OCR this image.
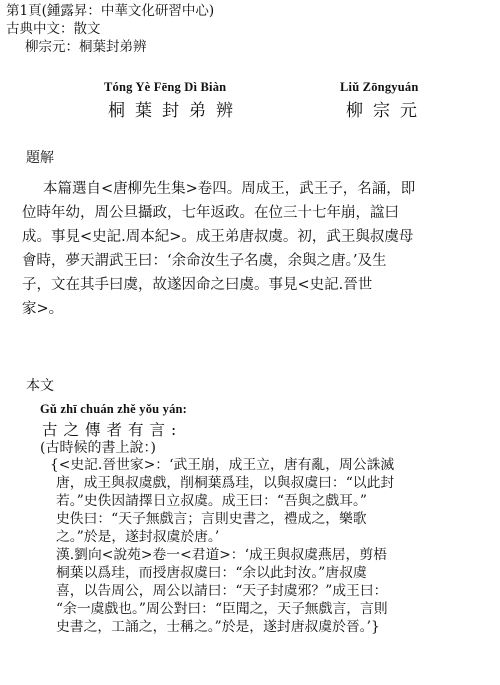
第1頁(鍾露昇：中華文化研習中心)
古典中文：散文
柳宗元：桐葉封弟辨
Tóng Yè Fēng Dì Biàn
桐葉封弟辨
Liǔ Zōngyuán
柳宗元
題解
本篇選自<唐柳先生集>卷四。周成王，武王子，名誦，即
位時年幼，周公旦攝政，七年返政。在位三十七年崩，諡曰
成。事見<史記.周本紀>。成王弟唐叔虞。初，武王與叔虞母
會時，夢天謂武王曰：‘余命汝生子名虞，余與之唐。’及生
子，文在其手曰虞，故遂因命之曰虞。事見<史記.晉世
家>。
本文
Gǔ zhī chuán zhě yǒu yán:
古之傳者有言:
(古時候的書上說：)
{<史記.晉世家>：‘武王崩，成王立，唐有亂，周公誅滅
唐，成王與叔虞戲，削桐葉爲珪，以與叔虞曰：“以此封
若。”史佚因請擇日立叔虞。成王曰：“吾與之戲耳。”
史佚曰：“天子無戲言；言則史書之，禮成之，樂歌
之。”於是，遂封叔虞於唐。’
漢.劉向<說苑>卷一<君道>：‘成王與叔虞燕居，剪梧
桐葉以爲珪，而授唐叔虞曰：“余以此封汝。”唐叔虞
喜，以告周公，周公以請曰：“天子封虞邪？”成王曰：
“余一虞戲也。”周公對曰：“臣聞之，天子無戲言，言則
史書之，工誦之，士稱之。”於是，遂封唐叔虞於晉。’}
